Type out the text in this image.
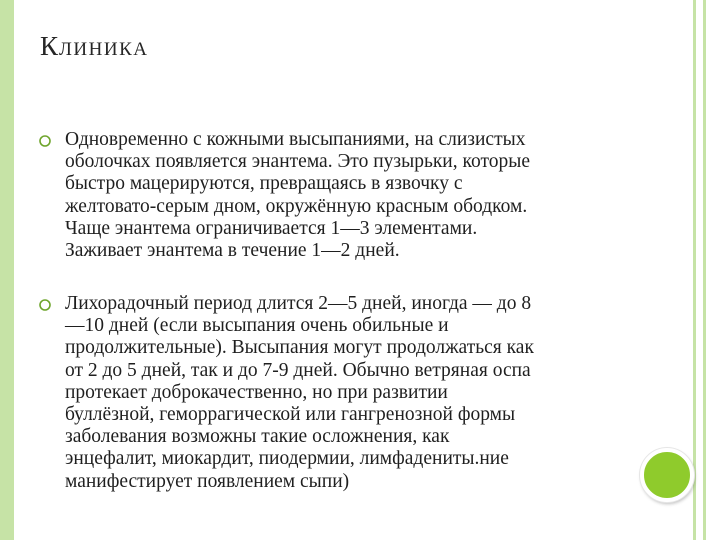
КЛИНИКА

Одновременно с кожными высыпаниями, на слизистых
оболочках появляется энантема. Это пузырьки, которые
быстро мацерируются, превращаясь в язвочку с
желтовато-серым дном, окружённую красным ободком.
Чаще энантема ограничивается 1—3 элементами.
Заживает энантема в течение 1—2 дней.

Лихорадочный период длится 2—5 дней, иногда — до 8
—10 дней (если высыпания очень обильные и
продолжительные). Высыпания могут продолжаться как
от 2 до 5 дней, так и до 7-9 дней. Обычно ветряная оспа
протекает доброкачественно, но при развитии
буллёзной, геморрагической или гангренозной формы
заболевания возможны такие осложнения, как
энцефалит, миокардит, пиодермии, лимфадениты.ние
манифестирует появлением сыпи)
